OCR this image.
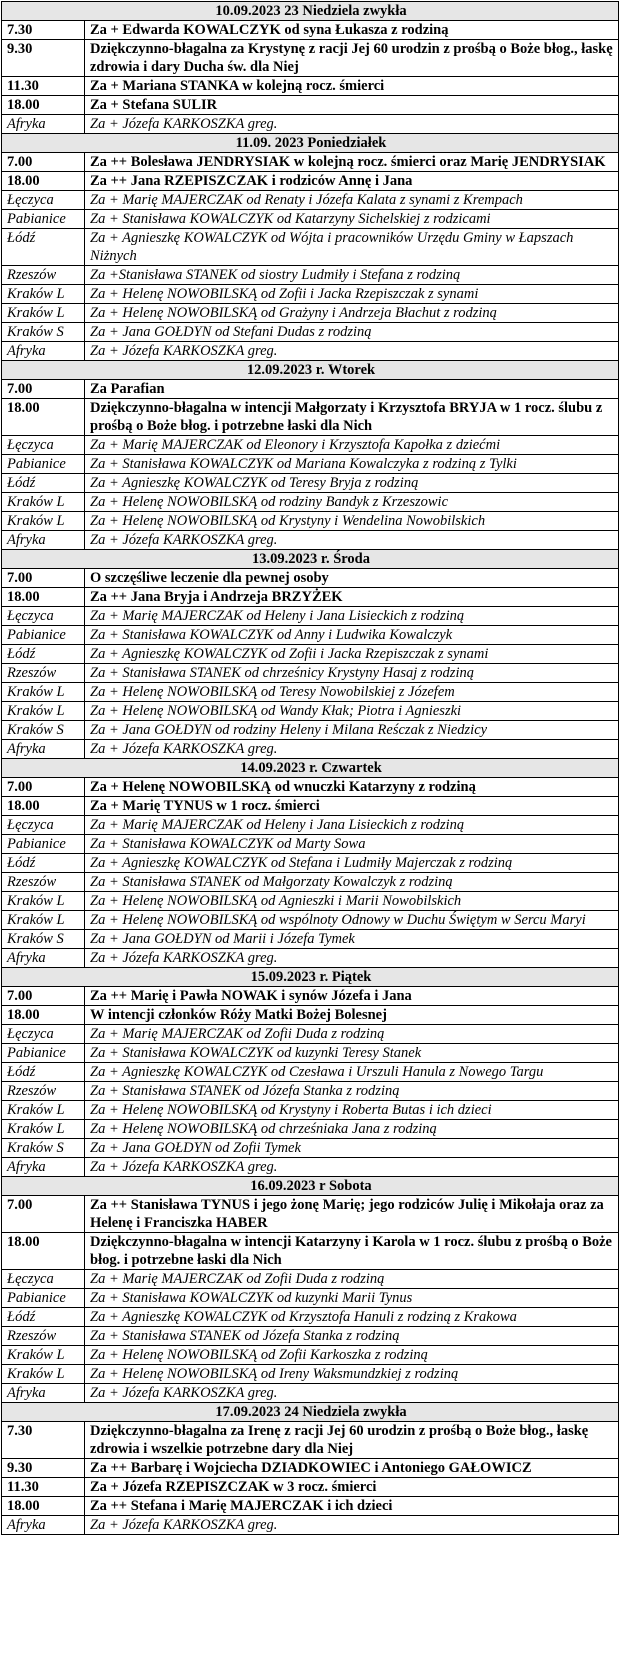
10.09.2023 23 Niedziela zwykła	
7.30	Za + Edwarda KOWALCZYK od syna Łukasza z rodziną
9.30	Dziękczynno-błagalna za Krystynę z racji Jej 60 urodzin z prośbą o Boże błog., łaskę zdrowia i dary Ducha św. dla Niej
11.30	Za + Mariana STANKA w kolejną rocz. śmierci
18.00	Za + Stefana SULIR
Afryka	Za + Józefa KARKOSZKA greg.
11.09. 2023 Poniedziałek	
7.00	Za ++ Bolesława JENDRYSIAK w kolejną rocz. śmierci oraz Marię JENDRYSIAK
18.00	Za ++ Jana RZEPISZCZAK i rodziców Annę i Jana
Łęczyca	Za + Marię MAJERCZAK od Renaty i Józefa Kalata z synami z Krempach
Pabianice	Za + Stanisława KOWALCZYK od Katarzyny Sichelskiej z rodzicami
Łódź	Za + Agnieszkę KOWALCZYK od Wójta i pracowników Urzędu Gminy w Łapszach Niżnych
Rzeszów	Za +Stanisława STANEK od siostry Ludmiły i Stefana z rodziną
Kraków L	Za + Helenę NOWOBILSKĄ od Zofii i Jacka Rzepiszczak z synami
Kraków L	Za + Helenę NOWOBILSKĄ od Grażyny i Andrzeja Błachut z rodziną
Kraków S	Za + Jana GOŁDYN od Stefani Dudas z rodziną
Afryka	Za + Józefa KARKOSZKA greg.
12.09.2023 r. Wtorek	
7.00	Za Parafian
18.00	Dziękczynno-błagalna w intencji Małgorzaty i Krzysztofa BRYJA w 1 rocz. ślubu z prośbą o Boże błog. i potrzebne łaski dla Nich
Łęczyca	Za + Marię MAJERCZAK od Eleonory i Krzysztofa Kapołka z dziećmi
Pabianice	Za + Stanisława KOWALCZYK od Mariana Kowalczyka z rodziną z Tylki
Łódź	Za + Agnieszkę KOWALCZYK od Teresy Bryja z rodziną
Kraków L	Za + Helenę NOWOBILSKĄ od rodziny Bandyk z Krzeszowic
Kraków L	Za + Helenę NOWOBILSKĄ od Krystyny i Wendelina Nowobilskich
Afryka	Za + Józefa KARKOSZKA greg.
13.09.2023 r. Środa	
7.00	O szczęśliwe leczenie dla pewnej osoby
18.00	Za ++ Jana Bryja i Andrzeja BRZYŻEK
Łęczyca	Za + Marię MAJERCZAK od Heleny i Jana Lisieckich z rodziną
Pabianice	Za + Stanisława KOWALCZYK od Anny i Ludwika Kowalczyk
Łódź	Za + Agnieszkę KOWALCZYK od Zofii i Jacka Rzepiszczak z synami
Rzeszów	Za + Stanisława STANEK od chrześnicy Krystyny Hasaj z rodziną
Kraków L	Za + Helenę NOWOBILSKĄ od Teresy Nowobilskiej z Józefem
Kraków L	Za + Helenę NOWOBILSKĄ od Wandy Kłak; Piotra i Agnieszki
Kraków S	Za + Jana GOŁDYN od rodziny Heleny i Milana Reśczak z Niedzicy
Afryka	Za + Józefa KARKOSZKA greg.
14.09.2023 r. Czwartek	
7.00	Za + Helenę NOWOBILSKĄ od wnuczki Katarzyny z rodziną
18.00	Za + Marię TYNUS w 1 rocz. śmierci
Łęczyca	Za + Marię MAJERCZAK od Heleny i Jana Lisieckich z rodziną
Pabianice	Za + Stanisława KOWALCZYK od Marty Sowa
Łódź	Za + Agnieszkę KOWALCZYK od Stefana i Ludmiły Majerczak z rodziną
Rzeszów	Za + Stanisława STANEK od Małgorzaty Kowalczyk z rodziną
Kraków L	Za + Helenę NOWOBILSKĄ od Agnieszki i Marii Nowobilskich
Kraków L	Za + Helenę NOWOBILSKĄ od wspólnoty Odnowy w Duchu Świętym w Sercu Maryi
Kraków S	Za + Jana GOŁDYN od Marii i Józefa Tymek
Afryka	Za + Józefa KARKOSZKA greg.
15.09.2023 r. Piątek	
7.00	Za ++ Marię i Pawła NOWAK i synów Józefa i Jana
18.00	W intencji członków Róży Matki Bożej Bolesnej
Łęczyca	Za + Marię MAJERCZAK od Zofii Duda z rodziną
Pabianice	Za + Stanisława KOWALCZYK od kuzynki Teresy Stanek
Łódź	Za + Agnieszkę KOWALCZYK od Czesława i Urszuli Hanula z Nowego Targu
Rzeszów	Za + Stanisława STANEK od Józefa Stanka z rodziną
Kraków L	Za + Helenę NOWOBILSKĄ od Krystyny i Roberta Butas i ich dzieci
Kraków L	Za + Helenę NOWOBILSKĄ od chrześniaka Jana z rodziną
Kraków S	Za + Jana GOŁDYN od Zofii Tymek
Afryka	Za + Józefa KARKOSZKA greg.
16.09.2023 r Sobota	
7.00	Za ++ Stanisława TYNUS i jego żonę Marię; jego rodziców Julię i Mikołaja oraz za Helenę i Franciszka HABER
18.00	Dziękczynno-błagalna w intencji Katarzyny i Karola w 1 rocz. ślubu z prośbą o Boże błog. i potrzebne łaski dla Nich
Łęczyca	Za + Marię MAJERCZAK od Zofii Duda z rodziną
Pabianice	Za + Stanisława KOWALCZYK od kuzynki Marii Tynus
Łódź	Za + Agnieszkę KOWALCZYK od Krzysztofa Hanuli z rodziną z Krakowa
Rzeszów	Za + Stanisława STANEK od Józefa Stanka z rodziną
Kraków L	Za + Helenę NOWOBILSKĄ od Zofii Karkoszka z rodziną
Kraków L	Za + Helenę NOWOBILSKĄ od Ireny Waksmundzkiej z rodziną
Afryka	Za + Józefa KARKOSZKA greg.
17.09.2023 24 Niedziela zwykła	
7.30	Dziękczynno-błagalna za Irenę z racji Jej 60 urodzin z prośbą o Boże błog., łaskę zdrowia i wszelkie potrzebne dary dla Niej
9.30	Za ++ Barbarę i Wojciecha DZIADKOWIEC i Antoniego GAŁOWICZ
11.30	Za + Józefa RZEPISZCZAK w 3 rocz. śmierci
18.00	Za ++ Stefana i Marię MAJERCZAK i ich dzieci
Afryka	Za + Józefa KARKOSZKA greg.
